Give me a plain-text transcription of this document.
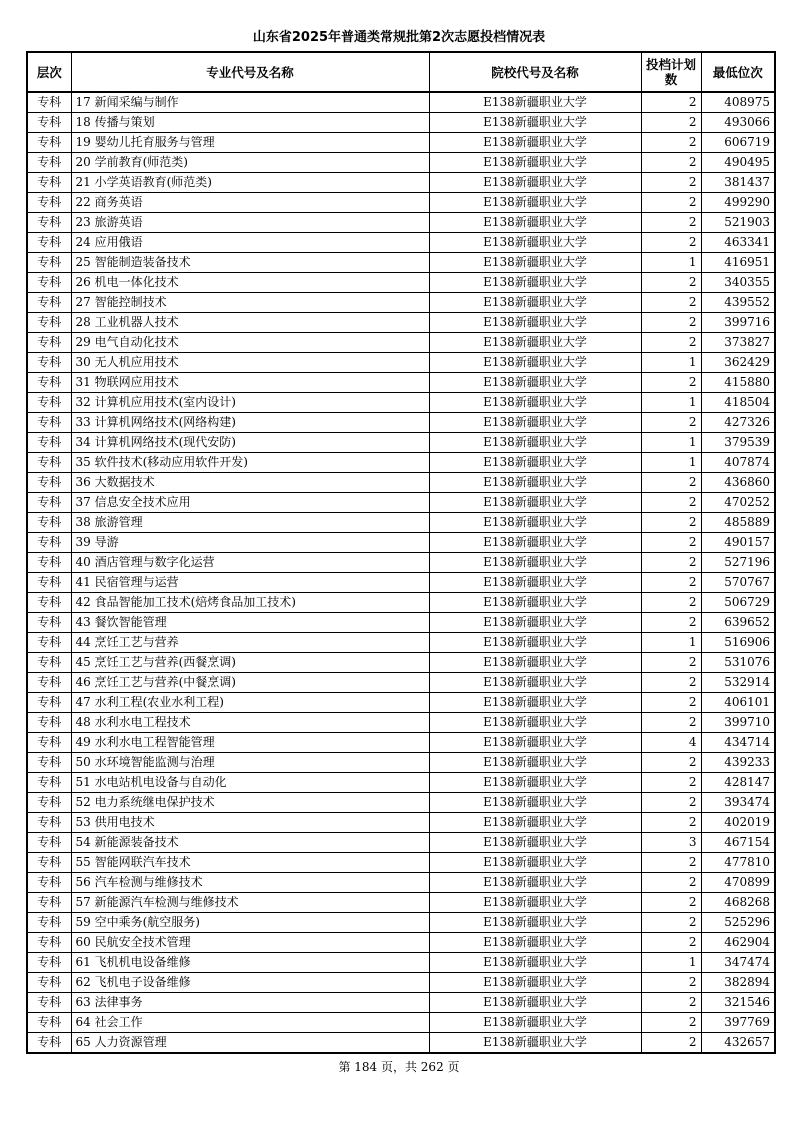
山东省2025年普通类常规批第2次志愿投档情况表
层次	专业代号及名称	院校代号及名称	投档计划
数	最低位次
专科	17 新闻采编与制作	E138新疆职业大学	2	408975
专科	18 传播与策划	E138新疆职业大学	2	493066
专科	19 婴幼儿托育服务与管理	E138新疆职业大学	2	606719
专科	20 学前教育(师范类)	E138新疆职业大学	2	490495
专科	21 小学英语教育(师范类)	E138新疆职业大学	2	381437
专科	22 商务英语	E138新疆职业大学	2	499290
专科	23 旅游英语	E138新疆职业大学	2	521903
专科	24 应用俄语	E138新疆职业大学	2	463341
专科	25 智能制造装备技术	E138新疆职业大学	1	416951
专科	26 机电一体化技术	E138新疆职业大学	2	340355
专科	27 智能控制技术	E138新疆职业大学	2	439552
专科	28 工业机器人技术	E138新疆职业大学	2	399716
专科	29 电气自动化技术	E138新疆职业大学	2	373827
专科	30 无人机应用技术	E138新疆职业大学	1	362429
专科	31 物联网应用技术	E138新疆职业大学	2	415880
专科	32 计算机应用技术(室内设计)	E138新疆职业大学	1	418504
专科	33 计算机网络技术(网络构建)	E138新疆职业大学	2	427326
专科	34 计算机网络技术(现代安防)	E138新疆职业大学	1	379539
专科	35 软件技术(移动应用软件开发)	E138新疆职业大学	1	407874
专科	36 大数据技术	E138新疆职业大学	2	436860
专科	37 信息安全技术应用	E138新疆职业大学	2	470252
专科	38 旅游管理	E138新疆职业大学	2	485889
专科	39 导游	E138新疆职业大学	2	490157
专科	40 酒店管理与数字化运营	E138新疆职业大学	2	527196
专科	41 民宿管理与运营	E138新疆职业大学	2	570767
专科	42 食品智能加工技术(焙烤食品加工技术)	E138新疆职业大学	2	506729
专科	43 餐饮智能管理	E138新疆职业大学	2	639652
专科	44 烹饪工艺与营养	E138新疆职业大学	1	516906
专科	45 烹饪工艺与营养(西餐烹调)	E138新疆职业大学	2	531076
专科	46 烹饪工艺与营养(中餐烹调)	E138新疆职业大学	2	532914
专科	47 水利工程(农业水利工程)	E138新疆职业大学	2	406101
专科	48 水利水电工程技术	E138新疆职业大学	2	399710
专科	49 水利水电工程智能管理	E138新疆职业大学	4	434714
专科	50 水环境智能监测与治理	E138新疆职业大学	2	439233
专科	51 水电站机电设备与自动化	E138新疆职业大学	2	428147
专科	52 电力系统继电保护技术	E138新疆职业大学	2	393474
专科	53 供用电技术	E138新疆职业大学	2	402019
专科	54 新能源装备技术	E138新疆职业大学	3	467154
专科	55 智能网联汽车技术	E138新疆职业大学	2	477810
专科	56 汽车检测与维修技术	E138新疆职业大学	2	470899
专科	57 新能源汽车检测与维修技术	E138新疆职业大学	2	468268
专科	59 空中乘务(航空服务)	E138新疆职业大学	2	525296
专科	60 民航安全技术管理	E138新疆职业大学	2	462904
专科	61 飞机机电设备维修	E138新疆职业大学	1	347474
专科	62 飞机电子设备维修	E138新疆职业大学	2	382894
专科	63 法律事务	E138新疆职业大学	2	321546
专科	64 社会工作	E138新疆职业大学	2	397769
专科	65 人力资源管理	E138新疆职业大学	2	432657
第 184 页，共 262 页
